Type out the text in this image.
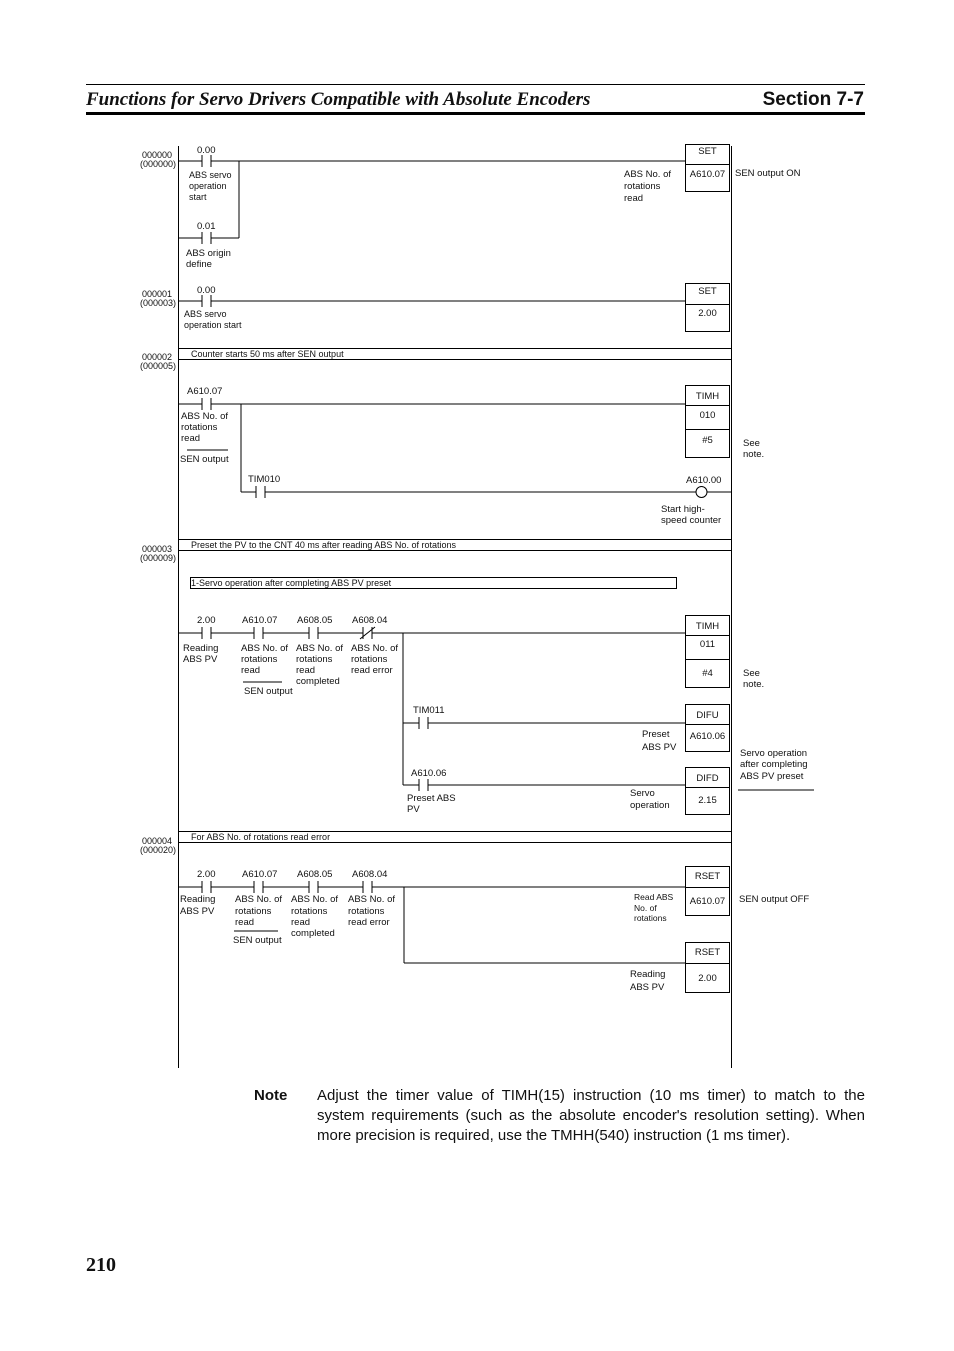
Functions for Servo Drivers Compatible with Absolute Encoders	Section 7-7
000000
(000000)
0.00
ABS servo
operation
start
0.01
ABS origin
define
SET
A610.07
ABS No. of
rotations
read
SEN output ON
000001
(000003)
0.00
ABS servo
operation start
SET
2.00
000002
(000005)
Counter starts 50 ms after SEN output
A610.07
ABS No. of
rotations
read
SEN output
TIMH
010
#5	See
note.
TIM010	A610.00
Start high-
speed counter
000003
(000009)
Preset the PV to the CNT 40 ms after reading ABS No. of rotations
1-Servo operation after completing ABS PV preset
2.00	A610.07 A608.05 A608.04
Reading
ABS PV
ABS No. of
rotations
read
SEN output
ABS No. of
rotations
read
completed
ABS No. of
rotations
read error
TIMH
011
#4	See
note.
TIM011	DIFU
A610.06
Preset
ABS PV
Servo operation
after completing
ABS PV preset
A610.06
Preset ABS
PV
DIFD
2.15
Servo
operation
000004
(000020)
For ABS No. of rotations read error
2.00	A610.07 A608.05 A608.04
Reading
ABS PV
ABS No. of
rotations
read
SEN output
ABS No. of
rotations
read
completed
ABS No. of
rotations
read error
RSET
A610.07
Read ABS
No. of
rotations
SEN output OFF
RSET
2.00
Reading
ABS PV
Note Adjust the timer value of TIMH(15) instruction (10 ms timer) to match to the system requirements (such as the absolute encoder's resolution setting). When more precision is required, use the TMHH(540) instruction (1 ms timer).
210
